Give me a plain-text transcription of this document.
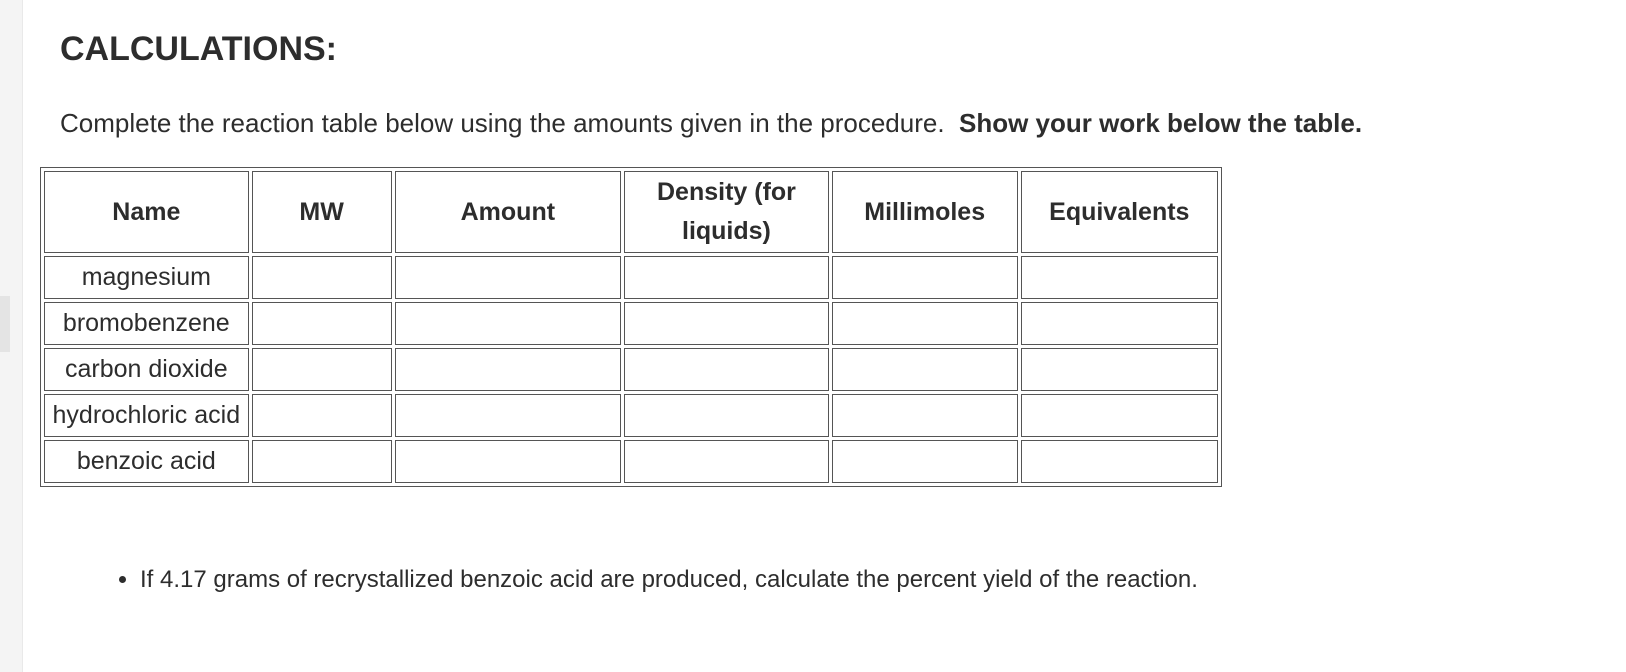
CALCULATIONS:

Complete the reaction table below using the amounts given in the procedure. Show your work below the table.

Name	MW	Amount	Density (for liquids)	Millimoles	Equivalents
magnesium					
bromobenzene					
carbon dioxide					
hydrochloric acid					
benzoic acid					
• If 4.17 grams of recrystallized benzoic acid are produced, calculate the percent yield of the reaction.
